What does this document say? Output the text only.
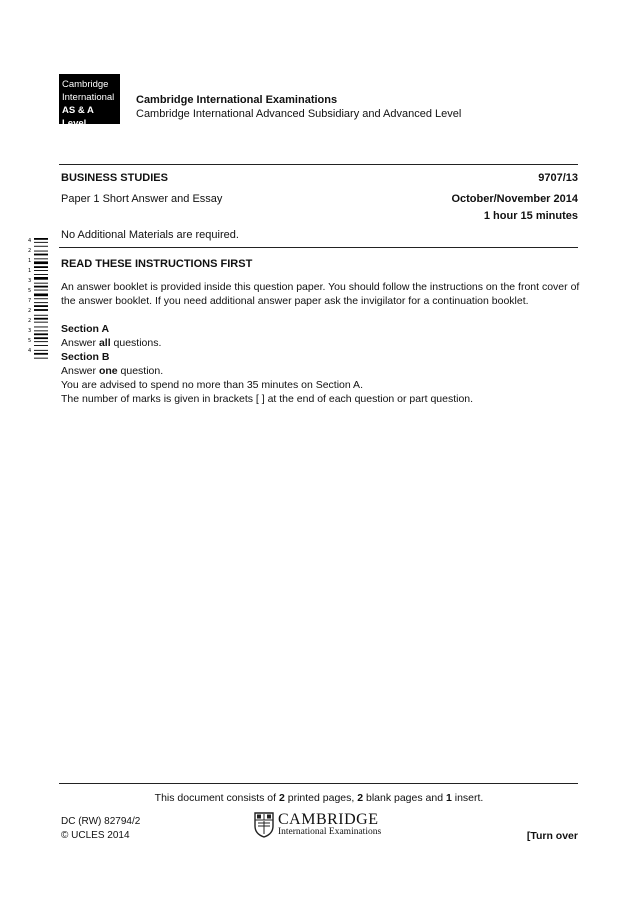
Cambridge
International
AS & A Level
Cambridge International Examinations
Cambridge International Advanced Subsidiary and Advanced Level
BUSINESS STUDIES	9707/13
Paper 1 Short Answer and Essay	October/November 2014
1 hour 15 minutes
No Additional Materials are required.
4
2
1
1
3
5
7
2
2
3
5
4
READ THESE INSTRUCTIONS FIRST

An answer booklet is provided inside this question paper. You should follow the instructions on the front cover of the answer booklet. If you need additional answer paper ask the invigilator for a continuation booklet.

Section A

Answer all questions.

Section B

Answer one question.

You are advised to spend no more than 35 minutes on Section A.

The number of marks is given in brackets [ ] at the end of each question or part question.

This document consists of 2 printed pages, 2 blank pages and 1 insert.
DC (RW) 82794/2
© UCLES 2014
CAMBRIDGE
International Examinations	[Turn over
